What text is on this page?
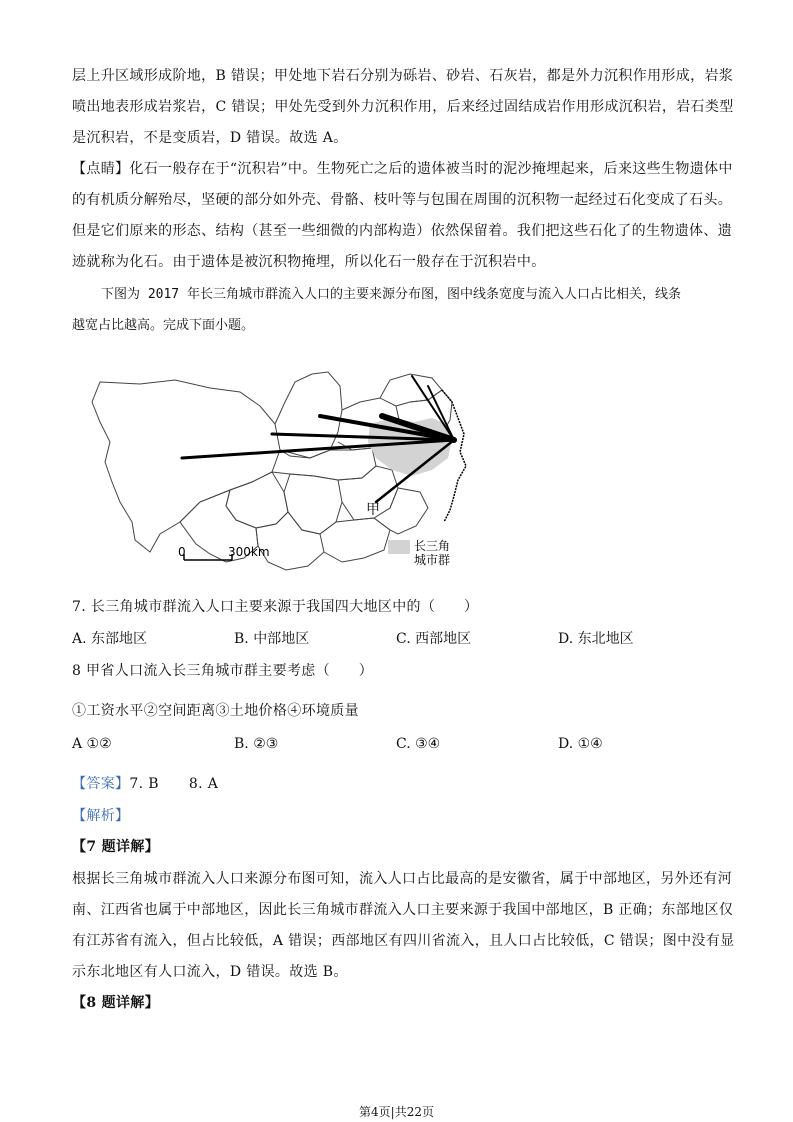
层上升区域形成阶地，B 错误；甲处地下岩石分别为砾岩、砂岩、石灰岩，都是外力沉积作用形成，岩浆
喷出地表形成岩浆岩，C 错误；甲处先受到外力沉积作用，后来经过固结成岩作用形成沉积岩，岩石类型
是沉积岩，不是变质岩，D 错误。故选 A。
【点睛】化石一般存在于“沉积岩”中。生物死亡之后的遗体被当时的泥沙掩埋起来，后来这些生物遗体中
的有机质分解殆尽，坚硬的部分如外壳、骨骼、枝叶等与包围在周围的沉积物一起经过石化变成了石头。
但是它们原来的形态、结构（甚至一些细微的内部构造）依然保留着。我们把这些石化了的生物遗体、遗
迹就称为化石。由于遗体是被沉积物掩埋，所以化石一般存在于沉积岩中。
下图为 2017 年长三角城市群流入人口的主要来源分布图，图中线条宽度与流入人口占比相关，线条
越宽占比越高。完成下面小题。
甲
0	300km	长三角
城市群
7. 长三角城市群流入人口主要来源于我国四大地区中的（　　）
A. 东部地区	B. 中部地区	C. 西部地区	D. 东北地区
8 甲省人口流入长三角城市群主要考虑（　　）
①工资水平②空间距离③土地价格④环境质量
A ①②	B. ②③	C. ③④	D. ①④
【答案】7. B 8. A
【解析】
【7 题详解】
根据长三角城市群流入人口来源分布图可知，流入人口占比最高的是安徽省，属于中部地区，另外还有河
南、江西省也属于中部地区，因此长三角城市群流入人口主要来源于我国中部地区，B 正确；东部地区仅
有江苏省有流入，但占比较低，A 错误；西部地区有四川省流入，且人口占比较低，C 错误；图中没有显
示东北地区有人口流入，D 错误。故选 B。
【8 题详解】
第4页|共22页
